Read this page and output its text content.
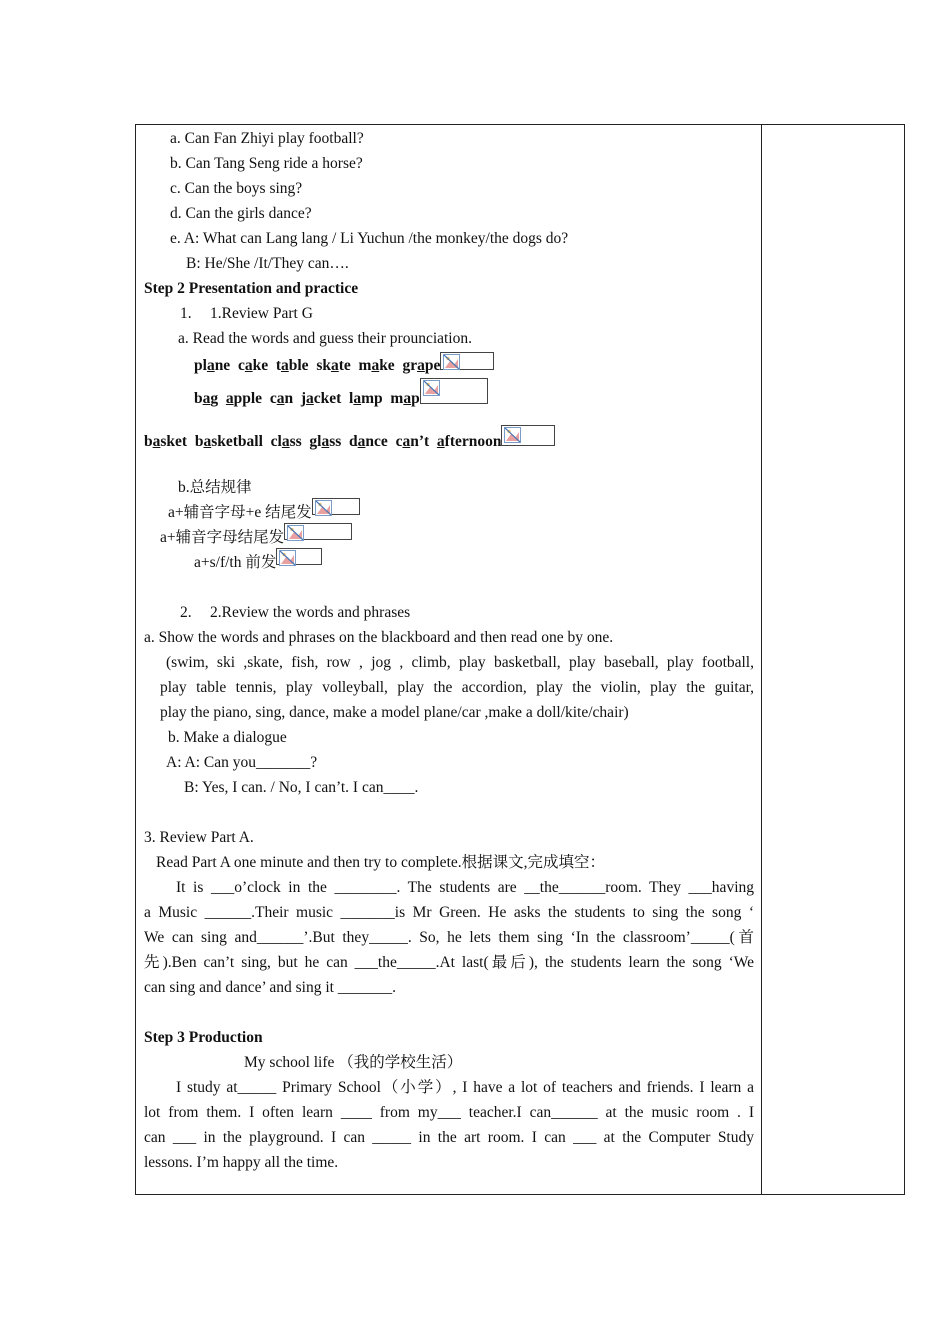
a. Can Fan Zhiyi play football?
b. Can Tang Seng ride a horse?
c. Can the boys sing?
d. Can the girls dance?
e. A: What can Lang lang / Li Yuchun /the monkey/the dogs do?
B: He/She /It/They can….
Step 2 Presentation and practice
1. 1.Review Part G
a. Read the words and guess their prounciation.
plane cake table skate make grape
bag apple can jacket lamp map
basket basketball class glass dance can’t afternoon
b.总结规律
a+辅音字母+e 结尾发
a+辅音字母结尾发
a+s/f/th 前发
2. 2.Review the words and phrases
a. Show the words and phrases on the blackboard and then read one by one.
(swim, ski ,skate, fish, row , jog , climb, play basketball, play baseball, play football,
play table tennis, play volleyball, play the accordion, play the violin, play the guitar,
play the piano, sing, dance, make a model plane/car ,make a doll/kite/chair)
b. Make a dialogue
A: A: Can you_______?
B: Yes, I can. / No, I can’t. I can____.
3. Review Part A.
Read Part A one minute and then try to complete.根据课文,完成填空：
It is ___o’clock in the ________. The students are __the______room. They ___having
a Music ______.Their music _______is Mr Green. He asks the students to sing the song ‘
We can sing and______’.But they_____. So, he lets them sing ‘In the classroom’_____(首
先).Ben can’t sing, but he can ___the_____.At last(最后), the students learn the song ‘We
can sing and dance’ and sing it _______.
Step 3 Production
My school life （我的学校生活）
I study at_____ Primary School（小学）, I have a lot of teachers and friends. I learn a
lot from them. I often learn ____ from my___ teacher.I can______ at the music room . I
can ___ in the playground. I can _____ in the art room. I can ___ at the Computer Study
lessons. I’m happy all the time.
